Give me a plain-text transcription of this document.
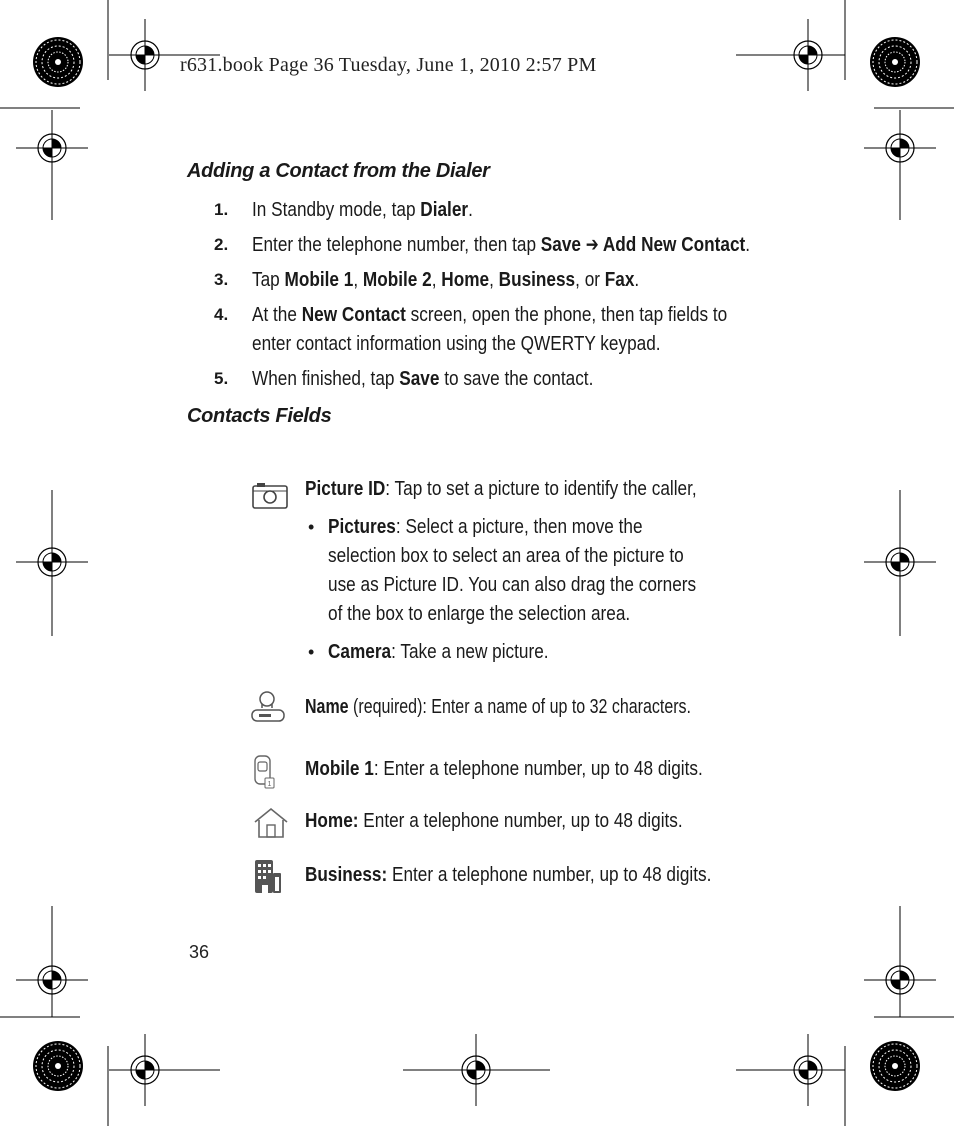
r631.book Page 36 Tuesday, June 1, 2010 2:57 PM
Adding a Contact from the Dialer
1. In Standby mode, tap Dialer.
2. Enter the telephone number, then tap Save ➔ Add New Contact.
3. Tap Mobile 1, Mobile 2, Home, Business, or Fax.
4. At the New Contact screen, open the phone, then tap fields to
enter contact information using the QWERTY keypad.
5. When finished, tap Save to save the contact.
Contacts Fields
1
Picture ID: Tap to set a picture to identify the caller,
• Pictures: Select a picture, then move the
selection box to select an area of the picture to
use as Picture ID. You can also drag the corners
of the box to enlarge the selection area.
• Camera: Take a new picture.
Name (required): Enter a name of up to 32 characters.
Mobile 1: Enter a telephone number, up to 48 digits.
Home: Enter a telephone number, up to 48 digits.
Business: Enter a telephone number, up to 48 digits.
36
